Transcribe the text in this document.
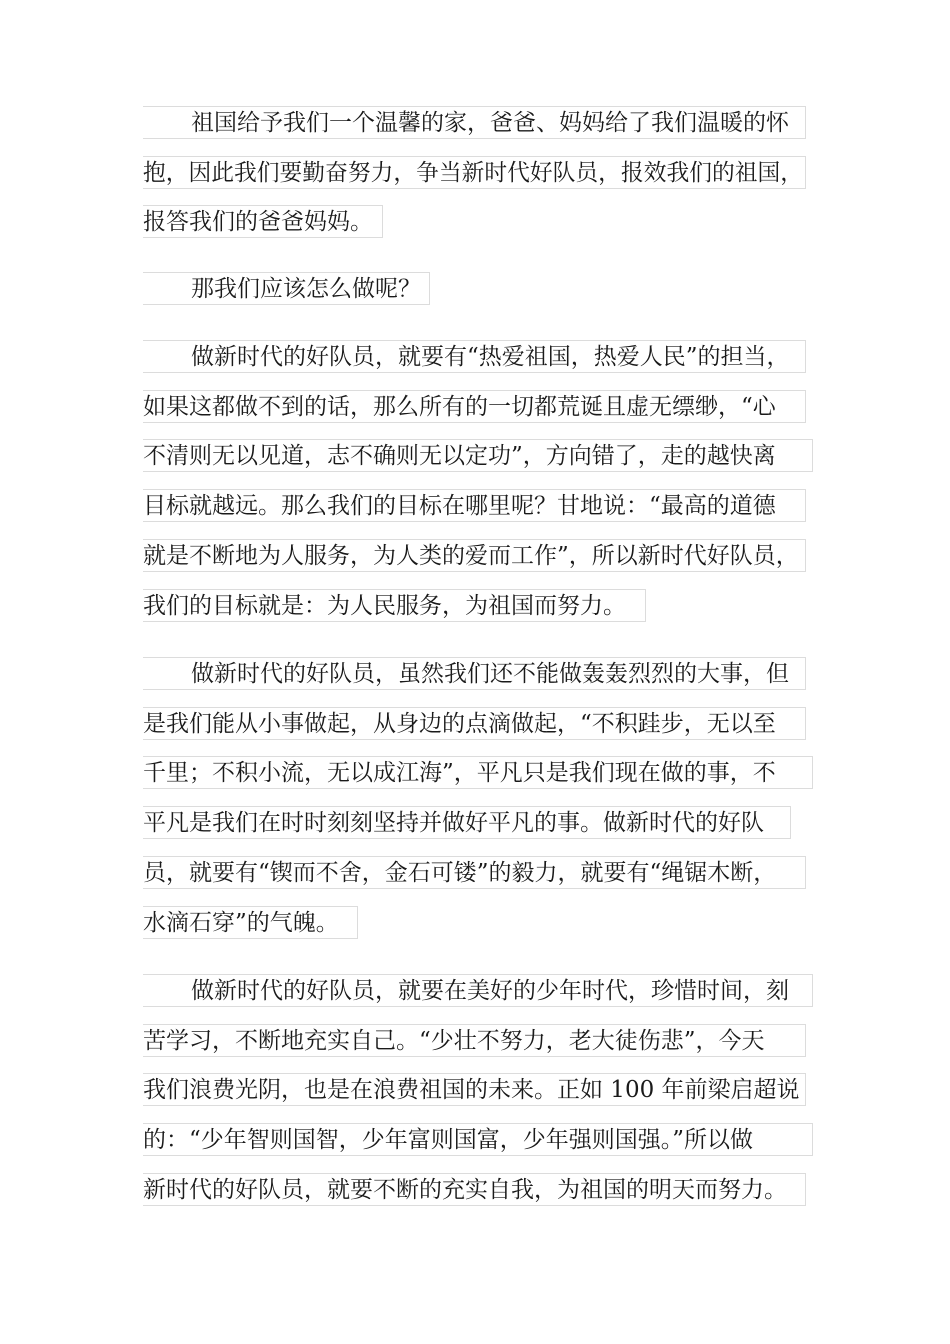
祖国给予我们一个温馨的家，爸爸、妈妈给了我们温暖的怀
抱，因此我们要勤奋努力，争当新时代好队员，报效我们的祖国，
报答我们的爸爸妈妈。
那我们应该怎么做呢？
做新时代的好队员，就要有“热爱祖国，热爱人民”的担当，
如果这都做不到的话，那么所有的一切都荒诞且虚无缥缈，“心
不清则无以见道，志不确则无以定功”，方向错了，走的越快离
目标就越远。那么我们的目标在哪里呢？甘地说：“最高的道德
就是不断地为人服务，为人类的爱而工作”，所以新时代好队员，
我们的目标就是：为人民服务，为祖国而努力。
做新时代的好队员，虽然我们还不能做轰轰烈烈的大事，但
是我们能从小事做起，从身边的点滴做起，“不积跬步，无以至
千里；不积小流，无以成江海”，平凡只是我们现在做的事，不
平凡是我们在时时刻刻坚持并做好平凡的事。做新时代的好队
员，就要有“锲而不舍，金石可镂”的毅力，就要有“绳锯木断，
水滴石穿”的气魄。
做新时代的好队员，就要在美好的少年时代，珍惜时间，刻
苦学习，不断地充实自己。“少壮不努力，老大徒伤悲”，今天
我们浪费光阴，也是在浪费祖国的未来。正如 100 年前梁启超说
的：“少年智则国智，少年富则国富，少年强则国强。”所以做
新时代的好队员，就要不断的充实自我，为祖国的明天而努力。
